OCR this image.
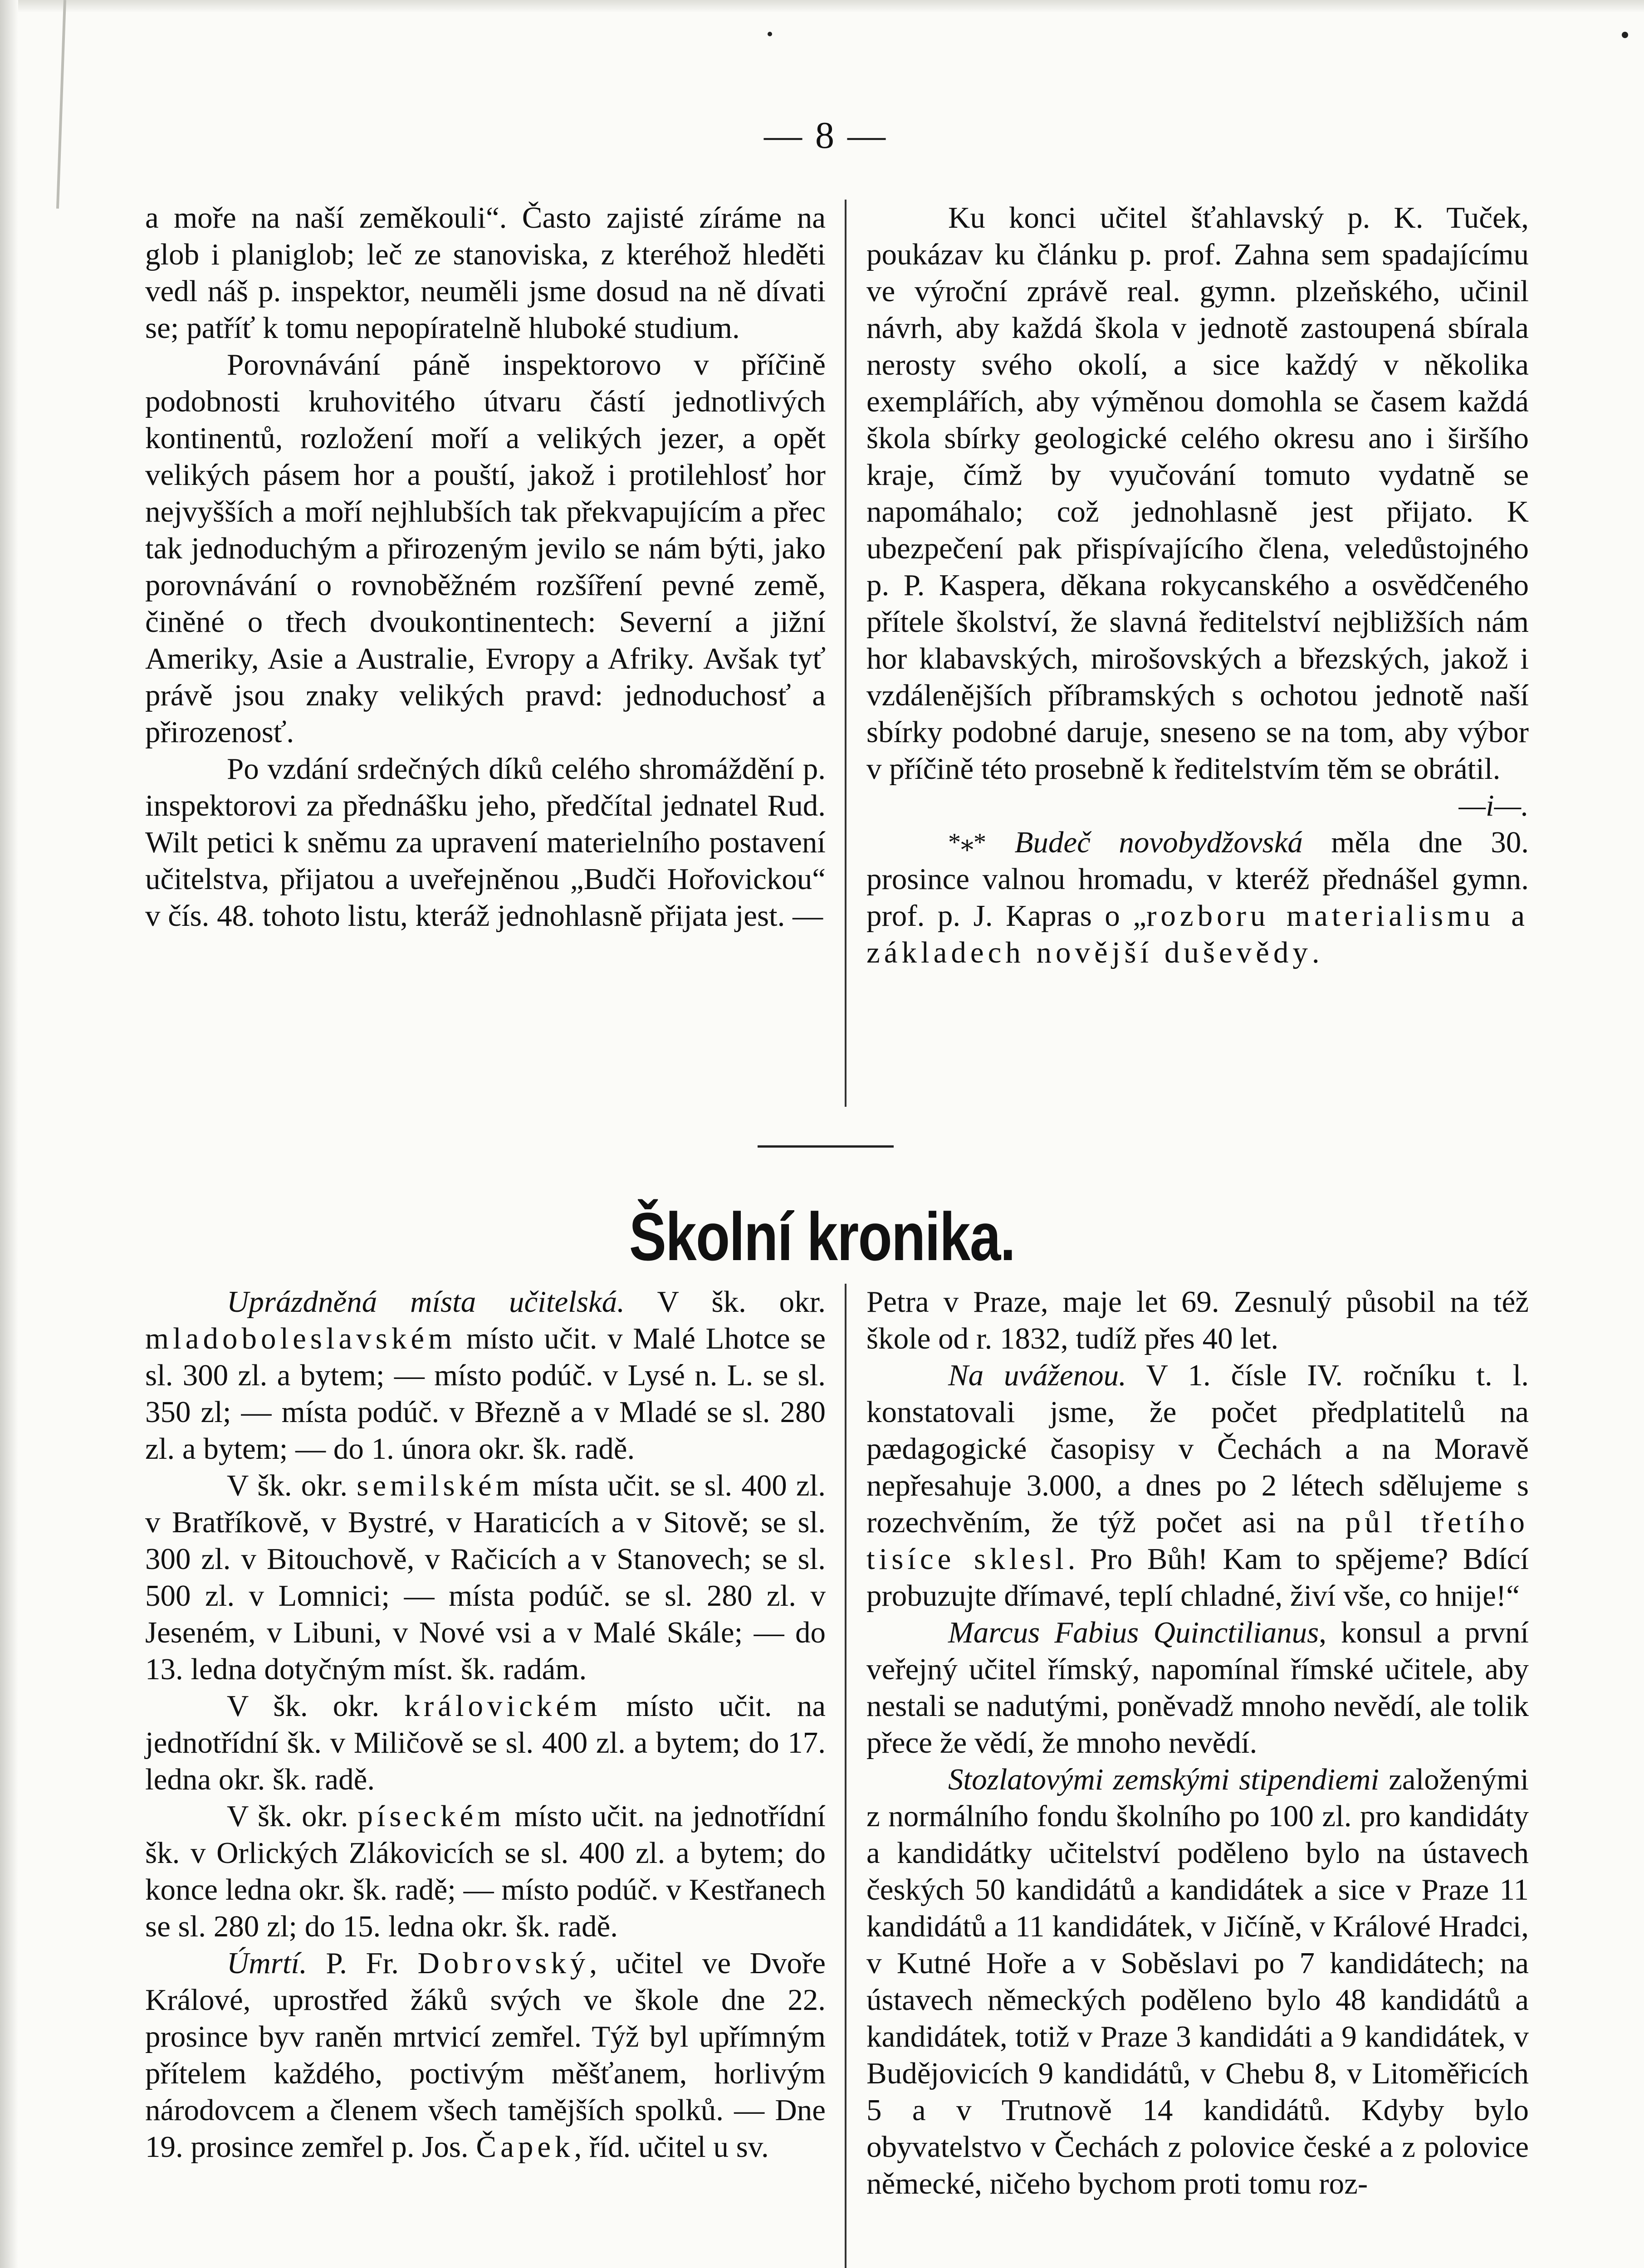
— 8 —

a moře na naší zeměkouli“. Často zajisté zíráme na glob i planiglob; leč ze stanoviska, z kteréhož hleděti vedl náš p. inspektor, neuměli jsme dosud na ně dívati se; patříť k tomu nepopíratelně hluboké studium.

Porovnávání páně inspektorovo v příčině podobnosti kruhovitého útvaru částí jednotlivých kontinentů, rozložení moří a velikých jezer, a opět velikých pásem hor a pouští, jakož i protilehlosť hor nejvyšších a moří nejhlubších tak překvapujícím a přec tak jednoduchým a přirozeným jevilo se nám býti, jako porovnávání o rovnoběžném rozšíření pevné země, činěné o třech dvoukontinentech: Severní a jižní Ameriky, Asie a Australie, Evropy a Afriky. Avšak tyť právě jsou znaky velikých pravd: jednoduchosť a přirozenosť.

Po vzdání srdečných díků celého shromáždění p. inspektorovi za přednášku jeho, předčítal jednatel Rud. Wilt petici k sněmu za upravení materielního postavení učitelstva, přijatou a uveřejněnou „Budči Hořovickou“ v čís. 48. tohoto listu, kteráž jednohlasně přijata jest. —

Ku konci učitel šťahlavský p. K. Tuček, poukázav ku článku p. prof. Zahna sem spadajícímu ve výroční zprávě real. gymn. plzeňského, učinil návrh, aby každá škola v jednotě zastoupená sbírala nerosty svého okolí, a sice každý v několika exemplářích, aby výměnou domohla se časem každá škola sbírky geologické celého okresu ano i širšího kraje, čímž by vyučování tomuto vydatně se napomáhalo; což jednohlasně jest přijato. K ubezpečení pak přispívajícího člena, veledůstojného p. P. Kaspera, děkana rokycanského a osvědčeného přítele školství, že slavná ředitelství nejbližších nám hor klabavských, mirošovských a březských, jakož i vzdálenějších příbramských s ochotou jednotě naší sbírky podobné daruje, sneseno se na tom, aby výbor v příčině této prosebně k ředitelstvím těm se obrátil.
—i—.

*⁎* Budeč novobydžovská měla dne 30. prosince valnou hromadu, v kteréž přednášel gymn. prof. p. J. Kapras o „rozboru materialismu a základech novější duševědy.

Školní kronika.

Uprázdněná místa učitelská. V šk. okr. mladoboleslavském místo učit. v Malé Lhotce se sl. 300 zl. a bytem; — místo podúč. v Lysé n. L. se sl. 350 zl; — místa podúč. v Březně a v Mladé se sl. 280 zl. a bytem; — do 1. února okr. šk. radě.

V šk. okr. semilském místa učit. se sl. 400 zl. v Bratříkově, v Bystré, v Haraticích a v Sitově; se sl. 300 zl. v Bitouchově, v Račicích a v Stanovech; se sl. 500 zl. v Lomnici; — místa podúč. se sl. 280 zl. v Jeseném, v Libuni, v Nové vsi a v Malé Skále; — do 13. ledna dotyčným míst. šk. radám.

V šk. okr. královickém místo učit. na jednotřídní šk. v Miličově se sl. 400 zl. a bytem; do 17. ledna okr. šk. radě.

V šk. okr. píseckém místo učit. na jednotřídní šk. v Orlických Zlákovicích se sl. 400 zl. a bytem; do konce ledna okr. šk. radě; — místo podúč. v Kestřanech se sl. 280 zl; do 15. ledna okr. šk. radě.

Úmrtí. P. Fr. Dobrovský, učitel ve Dvoře Králové, uprostřed žáků svých ve škole dne 22. prosince byv raněn mrtvicí zemřel. Týž byl upřímným přítelem každého, poctivým měšťanem, horlivým národovcem a členem všech tamějších spolků. — Dne 19. prosince zemřel p. Jos. Čapek, říd. učitel u sv.

Petra v Praze, maje let 69. Zesnulý působil na též škole od r. 1832, tudíž přes 40 let.

Na uváženou. V 1. čísle IV. ročníku t. l. konstatovali jsme, že počet předplatitelů na pædagogické časopisy v Čechách a na Moravě nepřesahuje 3.000, a dnes po 2 létech sdělujeme s rozechvěním, že týž počet asi na půl třetího tisíce sklesl. Pro Bůh! Kam to spějeme? Bdící probuzujte dřímavé, teplí chladné, živí vše, co hnije!“

Marcus Fabius Quinctilianus, konsul a první veřejný učitel římský, napomínal římské učitele, aby nestali se nadutými, poněvadž mnoho nevědí, ale tolik přece že vědí, že mnoho nevědí.

Stozlatovými zemskými stipendiemi založenými z normálního fondu školního po 100 zl. pro kandidáty a kandidátky učitelství poděleno bylo na ústavech českých 50 kandidátů a kandidátek a sice v Praze 11 kandidátů a 11 kandidátek, v Jičíně, v Králové Hradci, v Kutné Hoře a v Soběslavi po 7 kandidátech; na ústavech německých poděleno bylo 48 kandidátů a kandidátek, totiž v Praze 3 kandidáti a 9 kandidátek, v Budějovicích 9 kandidátů, v Chebu 8, v Litoměřicích 5 a v Trutnově 14 kandidátů. Kdyby bylo obyvatelstvo v Čechách z polovice české a z polovice německé, ničeho bychom proti tomu roz-
